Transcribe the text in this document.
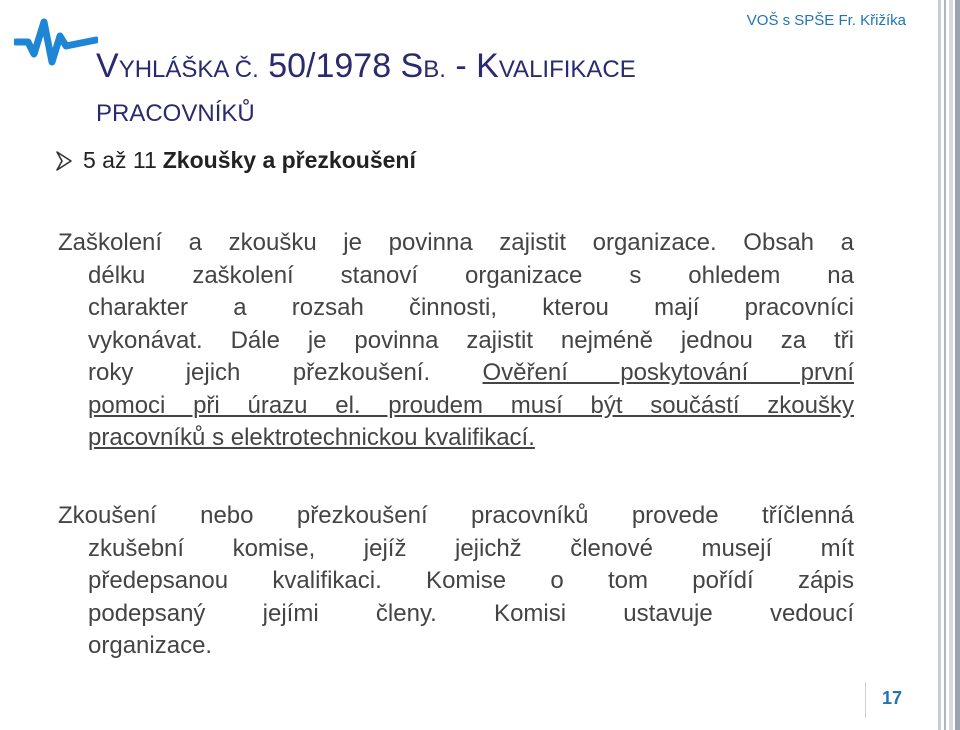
VOŠ s SPŠE Fr. Křižíka
VYHLÁŠKA Č. 50/1978 SB. - KVALIFIKACE
PRACOVNÍKŮ
5 až 11 Zkoušky a přezkoušení
Zaškolení a zkoušku je povinna zajistit organizace. Obsah a
délku zaškolení stanoví organizace s ohledem na
charakter a rozsah činnosti, kterou mají pracovníci
vykonávat. Dále je povinna zajistit nejméně jednou za tři
roky jejich přezkoušení. Ověření poskytování první
pomoci při úrazu el. proudem musí být součástí zkoušky
pracovníků s elektrotechnickou kvalifikací.
Zkoušení nebo přezkoušení pracovníků provede tříčlenná
zkušební komise, jejíž jejichž členové musejí mít
předepsanou kvalifikaci. Komise o tom pořídí zápis
podepsaný jejími členy. Komisi ustavuje vedoucí
organizace.
17
